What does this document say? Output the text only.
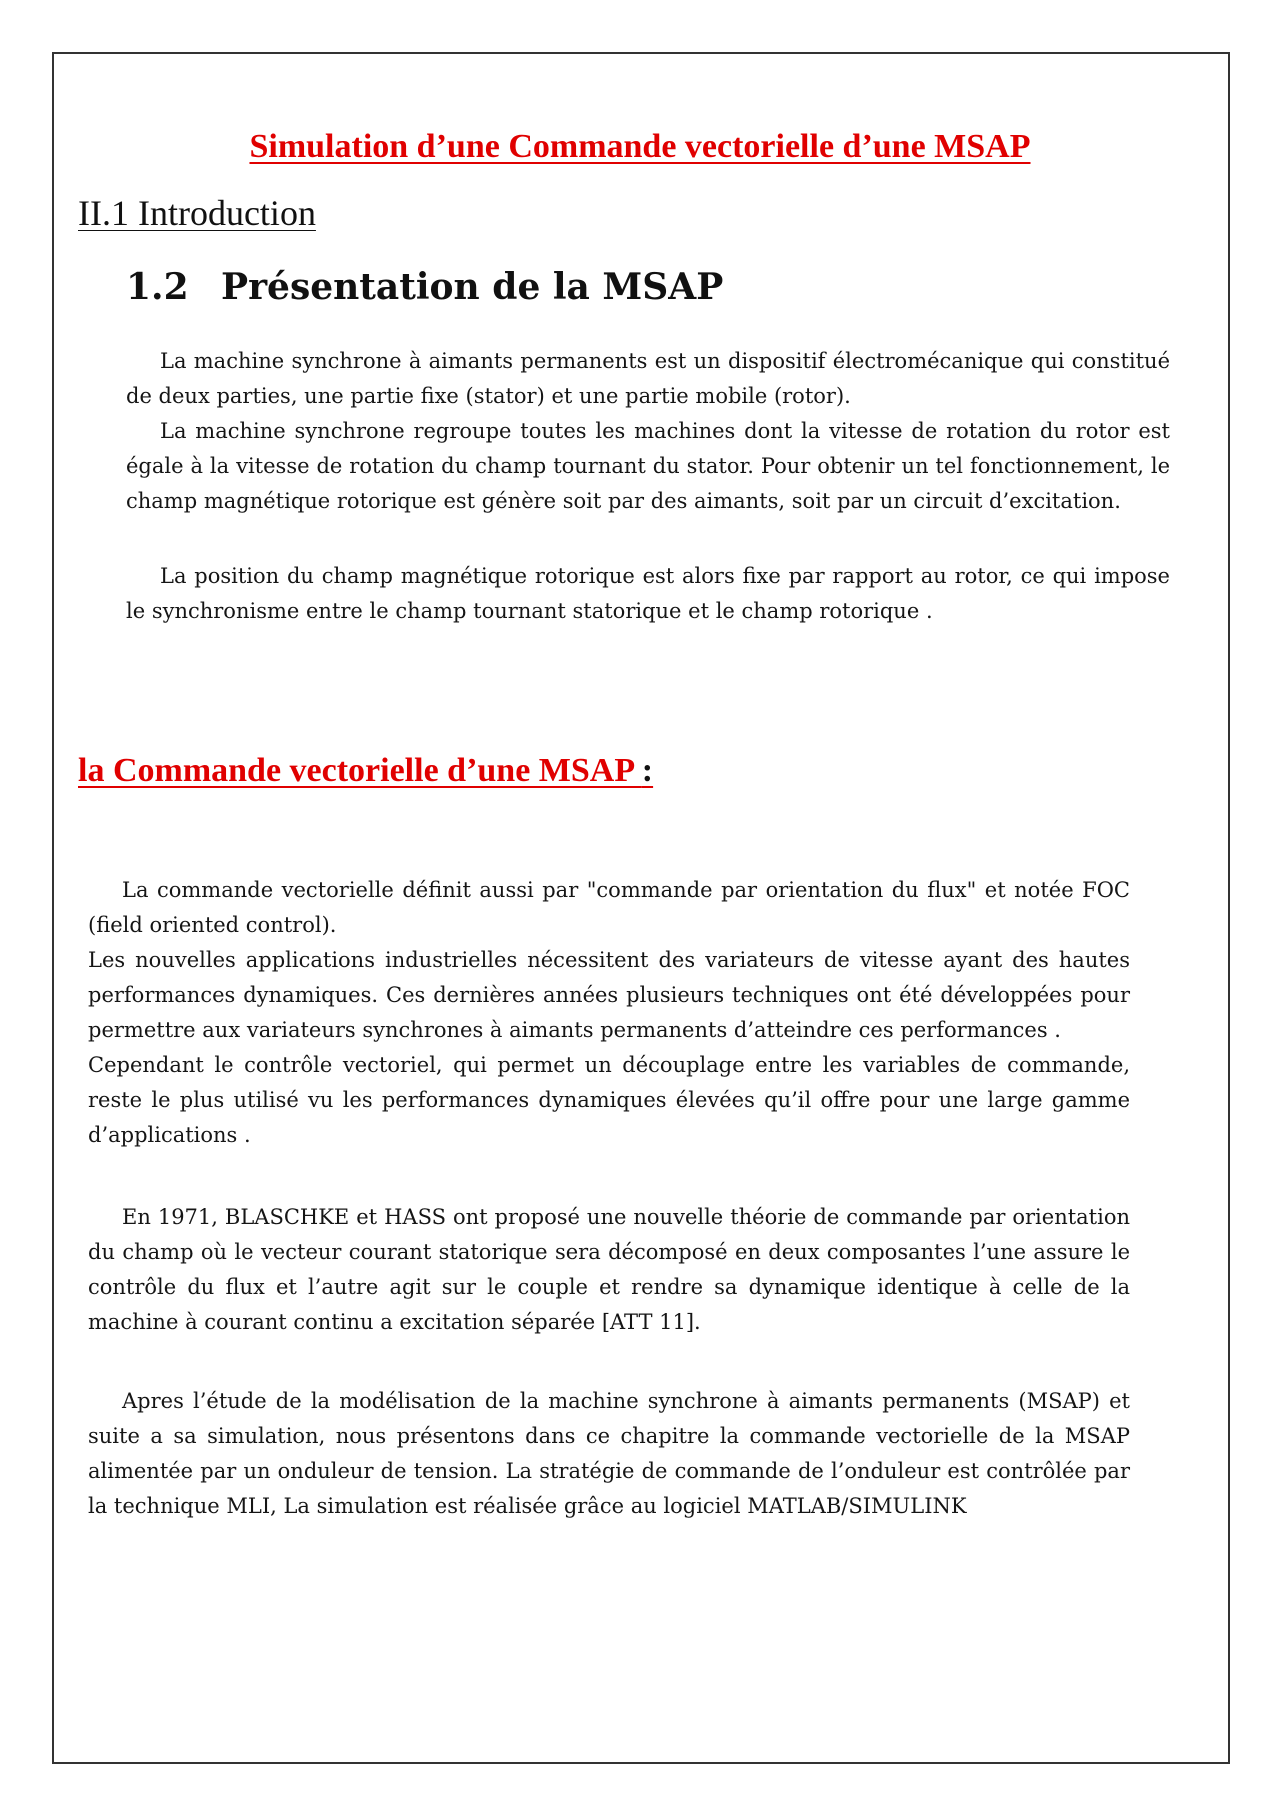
Simulation d’une Commande vectorielle d’une MSAP
II.1 Introduction
1.2 Présentation de la MSAP

La machine synchrone à aimants permanents est un dispositif électromécanique qui constitué de deux parties, une partie fixe (stator) et une partie mobile (rotor).

La machine synchrone regroupe toutes les machines dont la vitesse de rotation du rotor est égale à la vitesse de rotation du champ tournant du stator. Pour obtenir un tel fonctionnement, le champ magnétique rotorique est génère soit par des aimants, soit par un circuit d’excitation.

La position du champ magnétique rotorique est alors fixe par rapport au rotor, ce qui impose le synchronisme entre le champ tournant statorique et le champ rotorique .

la Commande vectorielle d’une MSAP :

La commande vectorielle définit aussi par "commande par orientation du flux" et notée FOC (field oriented control).

Les nouvelles applications industrielles nécessitent des variateurs de vitesse ayant des hautes performances dynamiques. Ces dernières années plusieurs techniques ont été développées pour permettre aux variateurs synchrones à aimants permanents d’atteindre ces performances .

Cependant le contrôle vectoriel, qui permet un découplage entre les variables de commande, reste le plus utilisé vu les performances dynamiques élevées qu’il offre pour une large gamme d’applications .

En 1971, BLASCHKE et HASS ont proposé une nouvelle théorie de commande par orientation du champ où le vecteur courant statorique sera décomposé en deux composantes l’une assure le contrôle du flux et l’autre agit sur le couple et rendre sa dynamique identique à celle de la machine à courant continu a excitation séparée [ATT 11].

Apres l’étude de la modélisation de la machine synchrone à aimants permanents (MSAP) et suite a sa simulation, nous présentons dans ce chapitre la commande vectorielle de la MSAP alimentée par un onduleur de tension. La stratégie de commande de l’onduleur est contrôlée par la technique MLI, La simulation est réalisée grâce au logiciel MATLAB/SIMULINK
